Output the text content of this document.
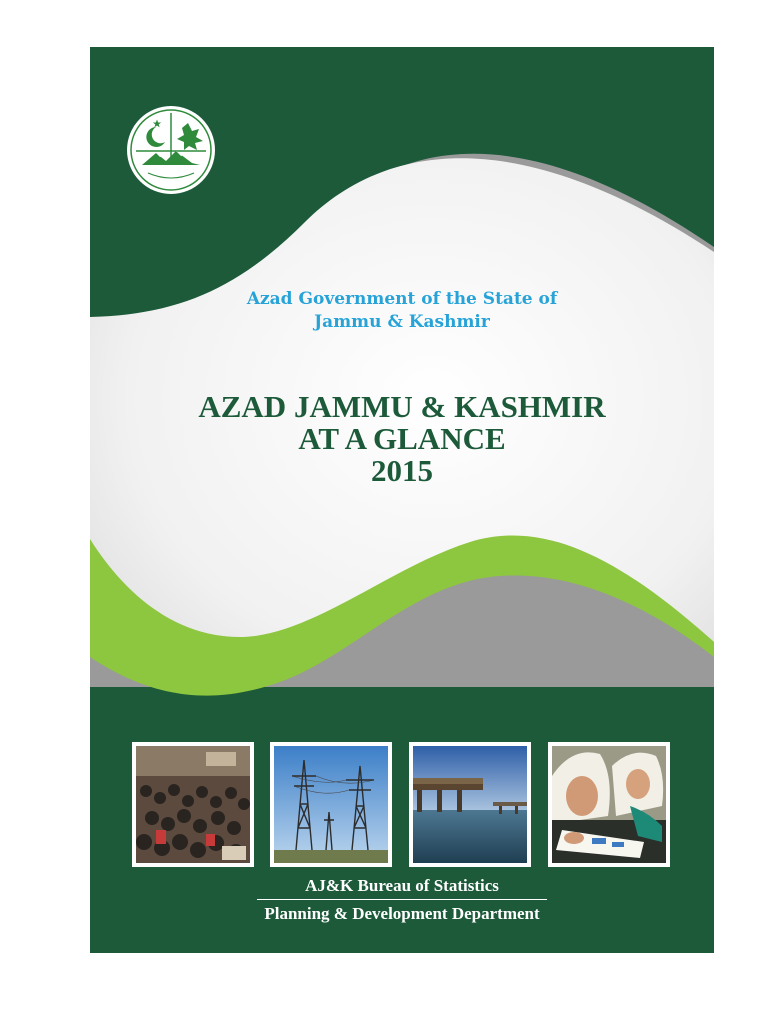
Azad Government of the State of
Jammu & Kashmir
AZAD JAMMU & KASHMIR
AT A GLANCE
2015
AJ&K Bureau of Statistics
Planning & Development Department
